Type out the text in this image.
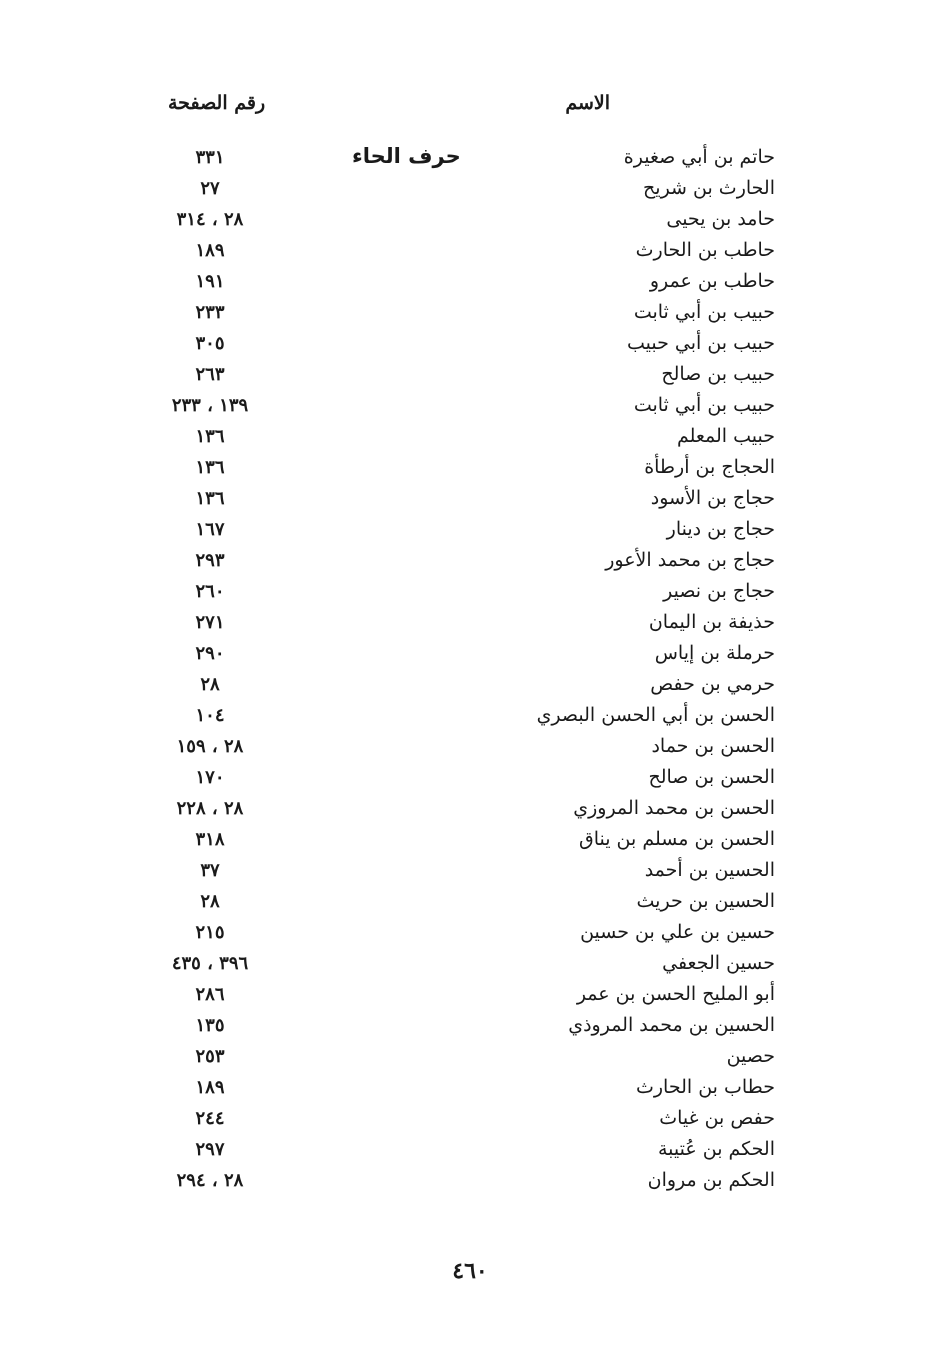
الاسم
رقم الصفحة
حرف الحاء	حاتم بن أبي صغيرة
٣٣١
الحارث بن شريح
٢٧
حامد بن يحيى
٢٨ ، ٣١٤
حاطب بن الحارث
١٨٩
حاطب بن عمرو
١٩١
حبيب بن أبي ثابت
٢٣٣
حبيب بن أبي حبيب
٣٠٥
حبيب بن صالح
٢٦٣
حبيب بن أبي ثابت
١٣٩ ، ٢٣٣
حبيب المعلم
١٣٦
الحجاج بن أرطأة
١٣٦
حجاج بن الأسود
١٣٦
حجاج بن دينار
١٦٧
حجاج بن محمد الأعور
٢٩٣
حجاج بن نصير
٢٦٠
حذيفة بن اليمان
٢٧١
حرملة بن إياس
٢٩٠
حرمي بن حفص
٢٨
الحسن بن أبي الحسن البصري
١٠٤
الحسن بن حماد
٢٨ ، ١٥٩
الحسن بن صالح
١٧٠
الحسن بن محمد المروزي
٢٨ ، ٢٢٨
الحسن بن مسلم بن يناق
٣١٨
الحسين بن أحمد
٣٧
الحسين بن حريث
٢٨
حسين بن علي بن حسين
٢١٥
حسين الجعفي
٣٩٦ ، ٤٣٥
أبو المليح الحسن بن عمر
٢٨٦
الحسين بن محمد المروذي
١٣٥
حصين
٢٥٣
حطاب بن الحارث
١٨٩
حفص بن غياث
٢٤٤
الحكم بن عُتيبة
٢٩٧
الحكم بن مروان
٢٨ ، ٢٩٤
٤٦٠
